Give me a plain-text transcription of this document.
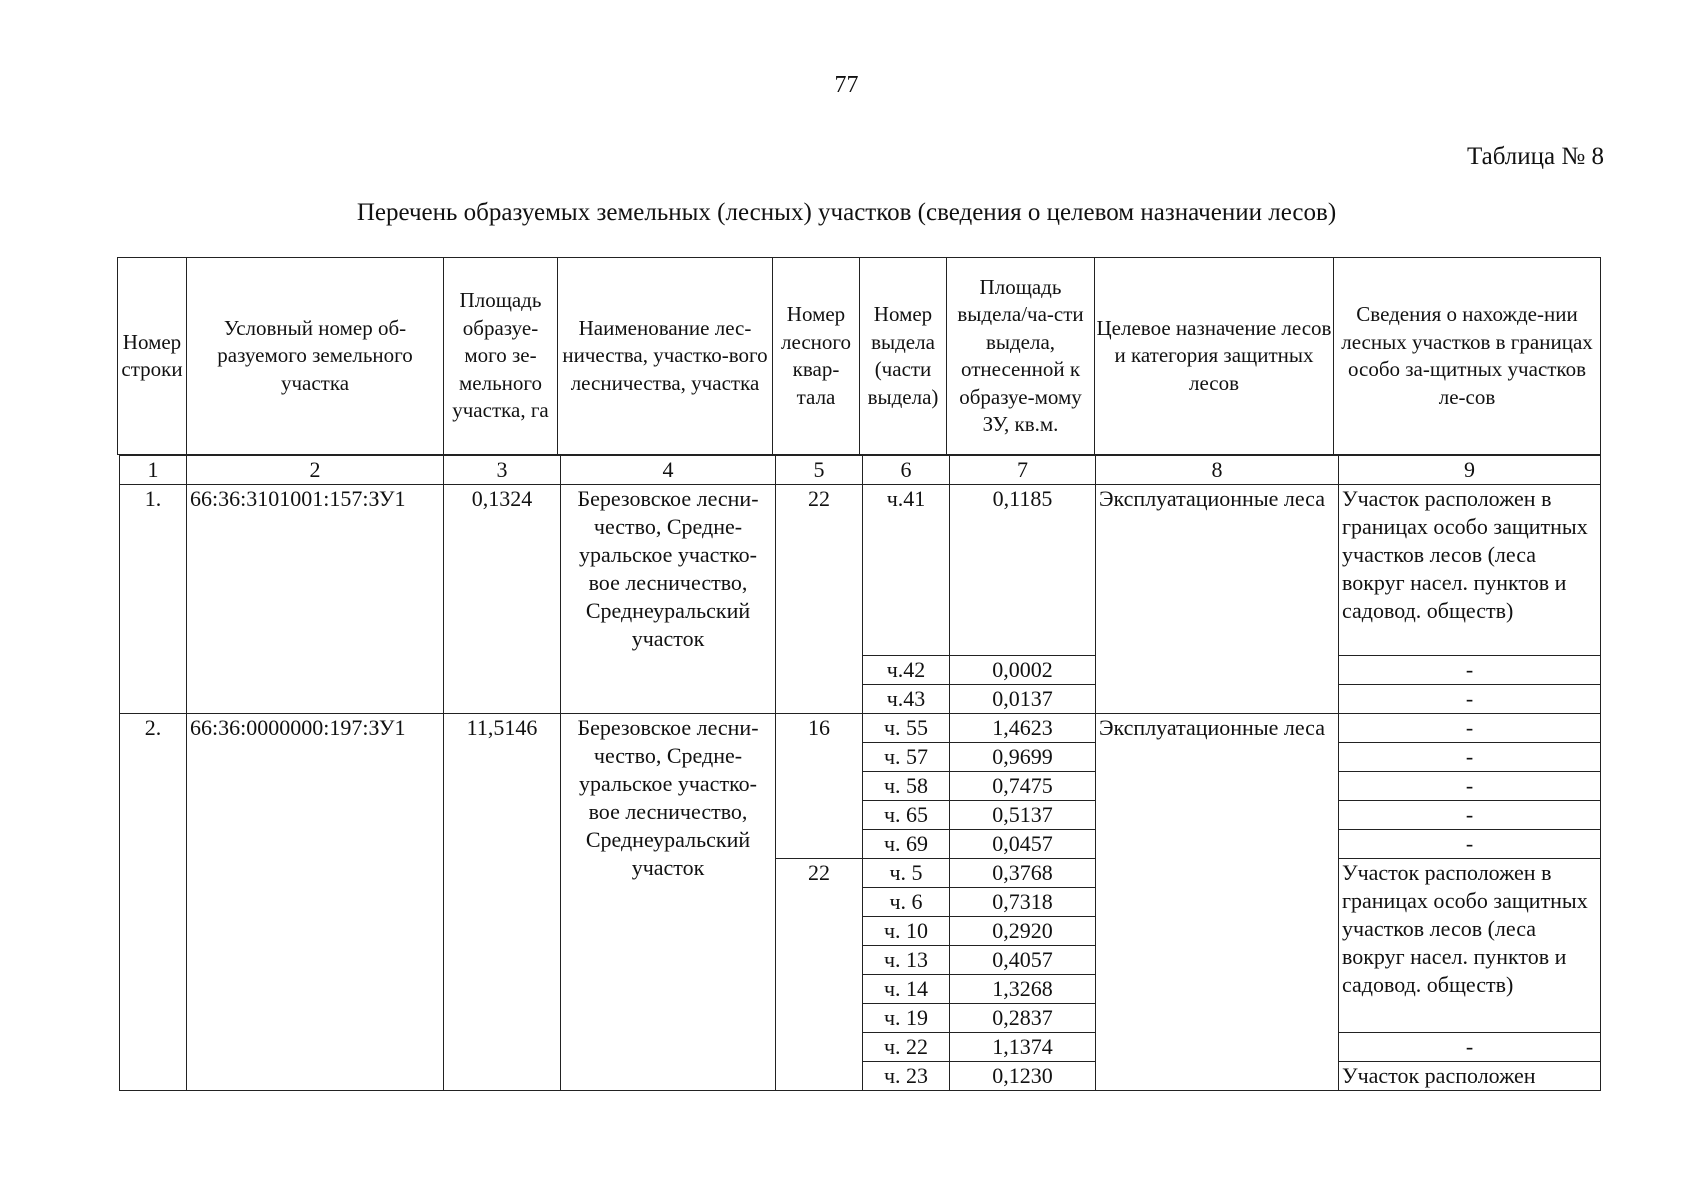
77
Таблица № 8
Перечень образуемых земельных (лесных) участков (сведения о целевом назначении лесов)
Номер строки	Условный номер об-разуемого земельного участка	Площадь образуе-мого зе-мельного участка, га	Наименование лес-ничества, участко-вого лесничества, участка	Номер лесного квар-тала	Номер выдела (части выдела)	Площадь выдела/ча-сти выдела, отнесенной к образуе-мому ЗУ, кв.м.	Целевое назначение лесов и категория защитных лесов	Сведения о нахожде-нии лесных участков в границах особо за-щитных участков ле-сов
1	2	3	4	5	6	7	8	9
1.	66:36:3101001:157:ЗУ1	0,1324	Березовское лесни-чество, Средне-уральское участко-вое лесничество, Среднеуральский участок	22	ч.41	0,1185	Эксплуатационные леса	Участок расположен в границах особо защитных участков лесов (леса вокруг насел. пунктов и садовод. обществ)
					ч.42	0,0002		-
					ч.43	0,0137		-
2.	66:36:0000000:197:ЗУ1	11,5146	Березовское лесни-чество, Средне-уральское участко-вое лесничество, Среднеуральский участок	16	ч. 55	1,4623	Эксплуатационные леса	-
					ч. 57	0,9699		-
					ч. 58	0,7475		-
					ч. 65	0,5137		-
					ч. 69	0,0457		-
				22	ч. 5	0,3768		Участок расположен в границах особо защитных участков лесов (леса вокруг насел. пунктов и садовод. обществ)
					ч. 6	0,7318		
					ч. 10	0,2920		
					ч. 13	0,4057		
					ч. 14	1,3268		
					ч. 19	0,2837		
					ч. 22	1,1374		-
					ч. 23	0,1230		Участок расположен
